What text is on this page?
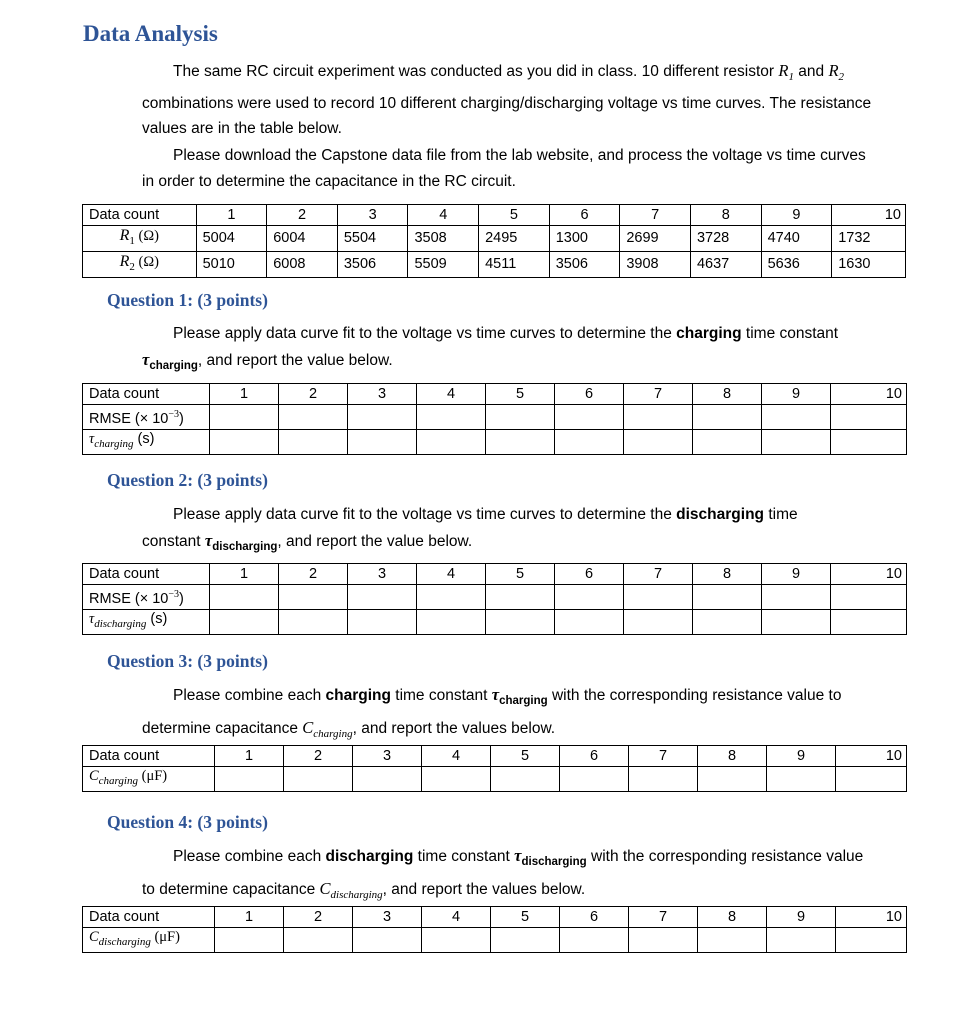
Data Analysis
The same RC circuit experiment was conducted as you did in class. 10 different resistor $R_1$ and $R_2$
combinations were used to record 10 different charging/discharging voltage vs time curves. The resistance values are in the table below.
Please download the Capstone data file from the lab website, and process the voltage vs time curves in order to determine the capacitance in the RC circuit.
Data count	1	2	3	4	5	6	7	8	9	10
$R_1$ (Ω)	5004	6004	5504	3508	2495	1300	2699	3728	4740	1732
$R_2$ (Ω)	5010	6008	3506	5509	4511	3506	3908	4637	5636	1630
Question 1: (3 points)
Please apply data curve fit to the voltage vs time curves to determine the charging time constant
$\tau_{charging}$, and report the value below.
Data count	1	2	3	4	5	6	7	8	9	10
RMSE (× $10^{-3}$)										
$\tau_{charging}$ (s)										
Question 2: (3 points)
Please apply data curve fit to the voltage vs time curves to determine the discharging time
constant $\tau_{discharging}$, and report the value below.
Data count	1	2	3	4	5	6	7	8	9	10
RMSE (× $10^{-3}$)										
$\tau_{discharging}$ (s)										
Question 3: (3 points)
Please combine each charging time constant $\tau_{charging}$ with the corresponding resistance value to
determine capacitance $C_{charging}$, and report the values below.
Data count	1	2	3	4	5	6	7	8	9	10
$C_{charging}$ (μF)										
Question 4: (3 points)
Please combine each discharging time constant $\tau_{discharging}$ with the corresponding resistance value
to determine capacitance $C_{discharging}$, and report the values below.
Data count	1	2	3	4	5	6	7	8	9	10
$C_{discharging}$ (μF)										
